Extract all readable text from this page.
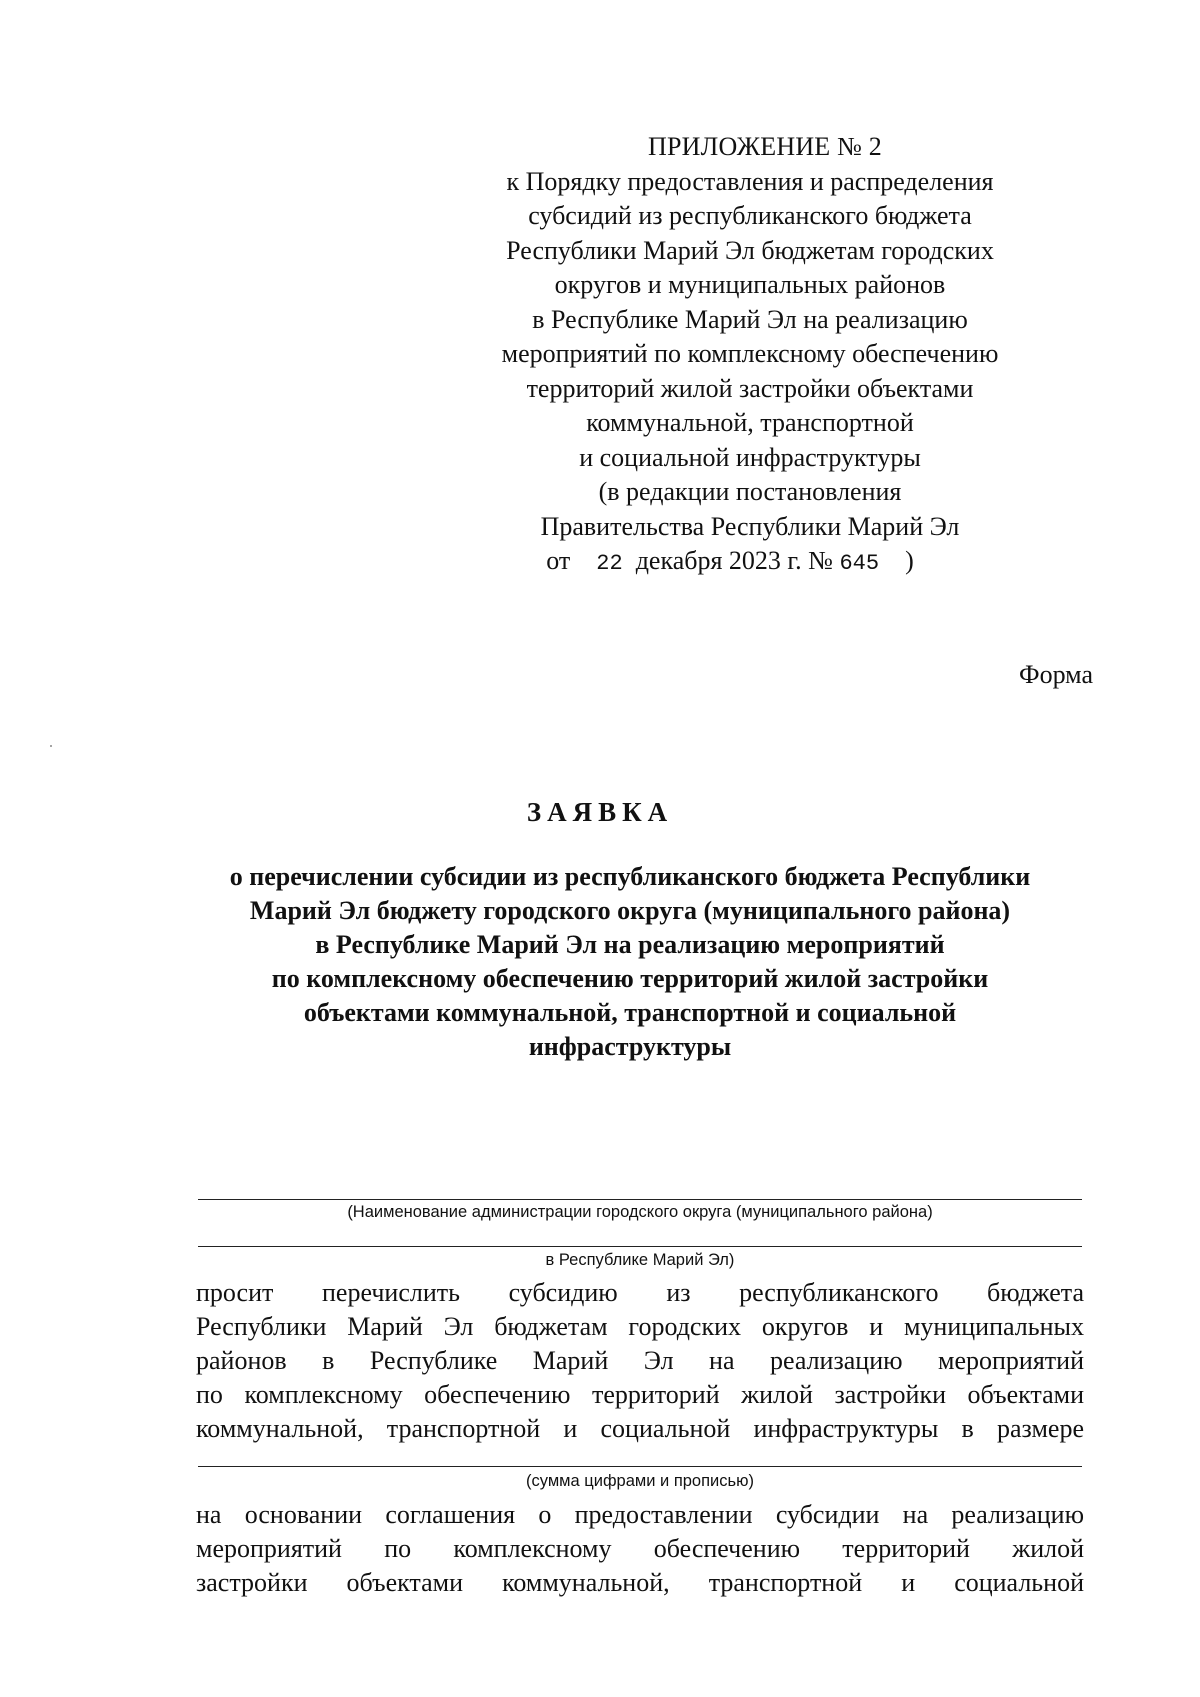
ПРИЛОЖЕНИЕ № 2
к Порядку предоставления и распределения
субсидий из республиканского бюджета
Республики Марий Эл бюджетам городских
округов и муниципальных районов
в Республике Марий Эл на реализацию
мероприятий по комплексному обеспечению
территорий жилой застройки объектами
коммунальной, транспортной
и социальной инфраструктуры
(в редакции постановления
Правительства Республики Марий Эл
от 22 декабря 2023 г. № 645 )
Форма
ЗАЯВКА
о перечислении субсидии из республиканского бюджета Республики
Марий Эл бюджету городского округа (муниципального района)
в Республике Марий Эл на реализацию мероприятий
по комплексному обеспечению территорий жилой застройки
объектами коммунальной, транспортной и социальной
инфраструктуры
(Наименование администрации городского округа (муниципального района)
в Республике Марий Эл)
просит перечислить субсидию из республиканского бюджета
Республики Марий Эл бюджетам городских округов и муниципальных
районов в Республике Марий Эл на реализацию мероприятий
по комплексному обеспечению территорий жилой застройки объектами
коммунальной, транспортной и социальной инфраструктуры в размере
(сумма цифрами и прописью)
на основании соглашения о предоставлении субсидии на реализацию
мероприятий по комплексному обеспечению территорий жилой
застройки объектами коммунальной, транспортной и социальной
